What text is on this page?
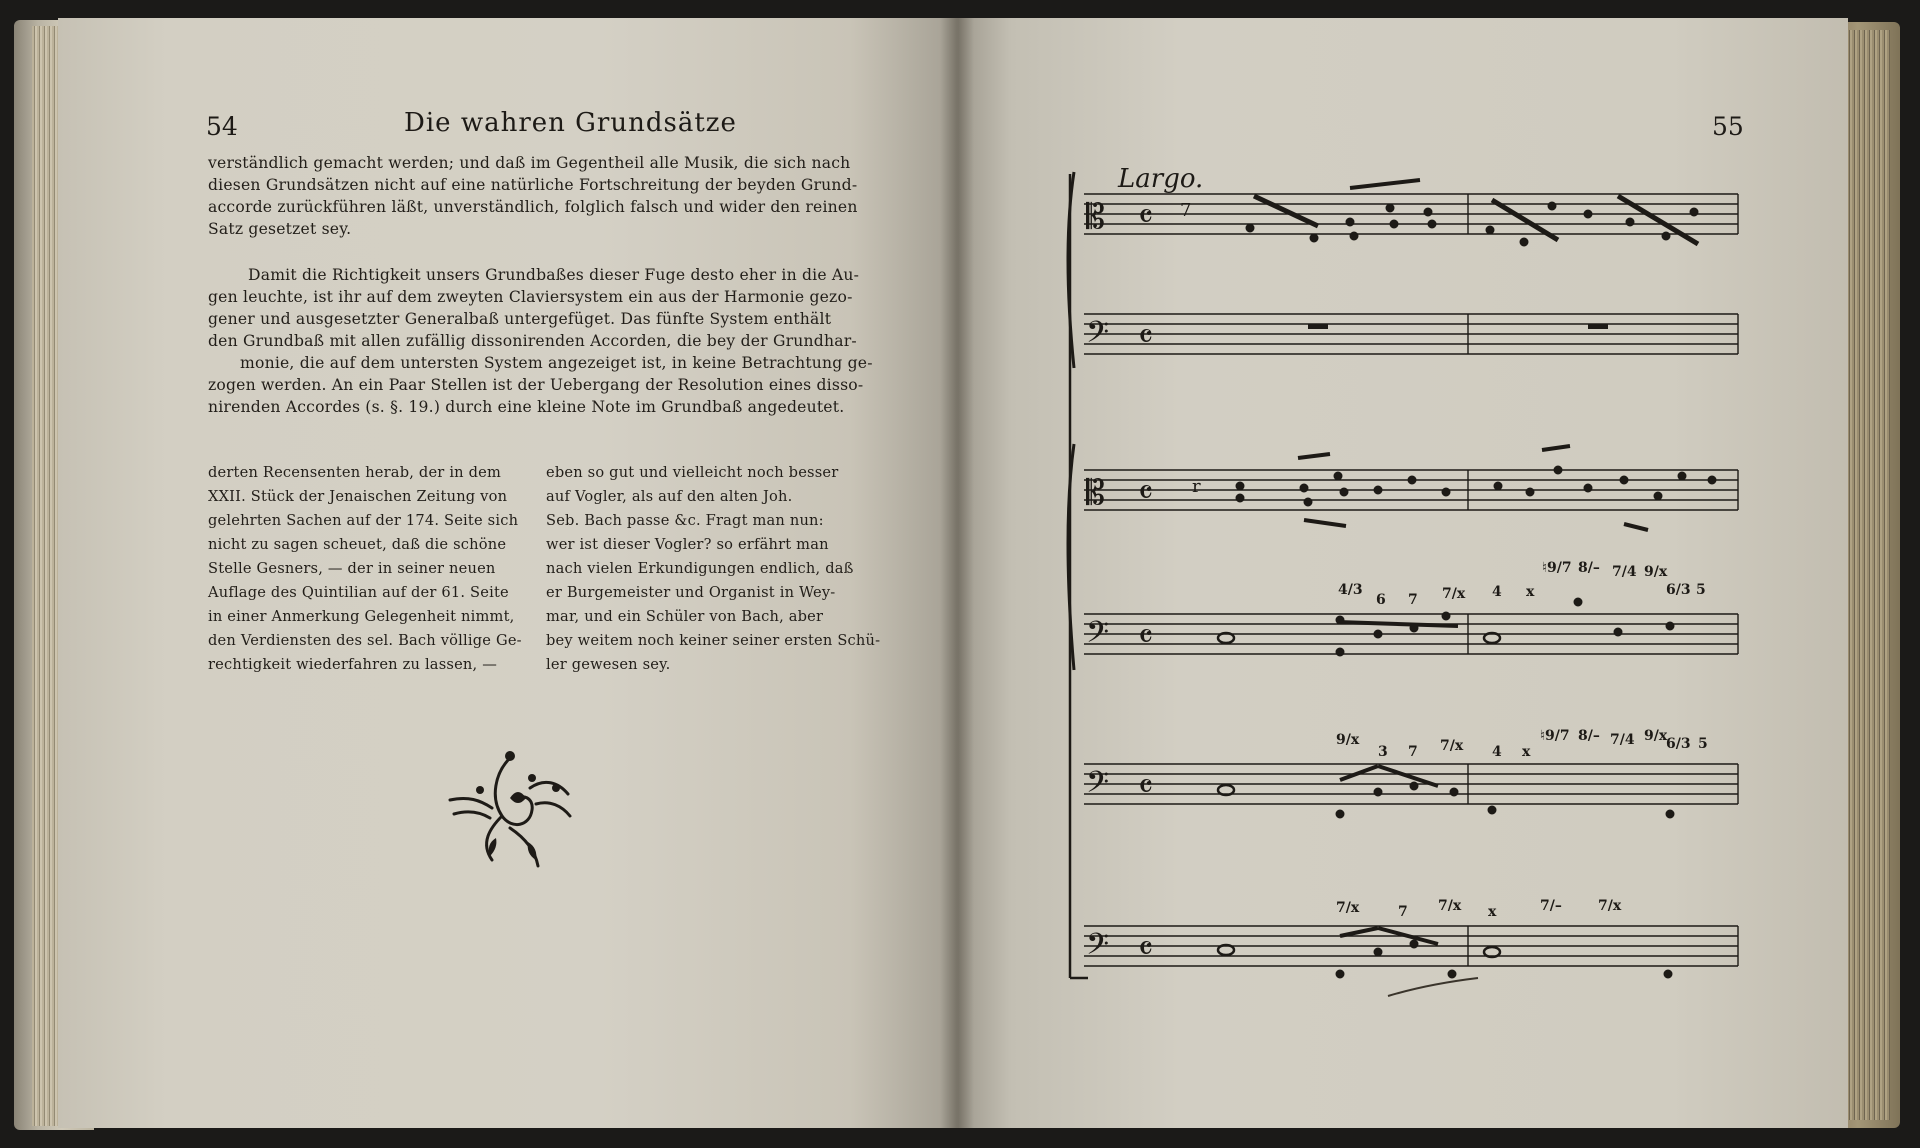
54	Die wahren Grundsätze
verständlich gemacht werden; und daß im Gegentheil alle Musik, die sich nach
diesen Grundsätzen nicht auf eine natürliche Fortschreitung der beyden Grund-
accorde zurückführen läßt, unverständlich, folglich falsch und wider den reinen
Satz gesetzet sey.
Damit die Richtigkeit unsers Grundbaßes dieser Fuge desto eher in die Au-
gen leuchte, ist ihr auf dem zweyten Claviersystem ein aus der Harmonie gezo-
gener und ausgesetzter Generalbaß untergefüget. Das fünfte System enthält
den Grundbaß mit allen zufällig dissonirenden Accorden, die bey der Grundhar-
monie, die auf dem untersten System angezeiget ist, in keine Betrachtung ge-
zogen werden. An ein Paar Stellen ist der Uebergang der Resolution eines disso-
nirenden Accordes (s. §. 19.) durch eine kleine Note im Grundbaß angedeutet.
derten Recensenten herab, der in dem
XXII. Stück der Jenaischen Zeitung von
gelehrten Sachen auf der 174. Seite sich
nicht zu sagen scheuet, daß die schöne
Stelle Gesners, — der in seiner neuen
Auflage des Quintilian auf der 61. Seite
in einer Anmerkung Gelegenheit nimmt,
den Verdiensten des sel. Bach völlige Ge-
rechtigkeit wiederfahren zu lassen, —
eben so gut und vielleicht noch besser
auf Vogler, als auf den alten Joh.
Seb. Bach passe &c. Fragt man nun:
wer ist dieser Vogler? so erfährt man
nach vielen Erkundigungen endlich, daß
er Burgemeister und Organist in Wey-
mar, und ein Schüler von Bach, aber
bey weitem noch keiner seiner ersten Schü-
ler gewesen sey.
55
Largo.
𝄡 𝄴
𝄢 𝄴
𝄡 𝄴
𝄢 𝄴
𝄢 𝄴
𝄢 𝄴
7
r
4/3
6 7 7/x 4 x
♮9/7 8/– 7/4 9/x
6/3 5
9/x
3 7 7/x 4 x
♮9/7 8/– 7/4 9/x
6/3 5
7/x	7 7/x x	7/–	7/x
